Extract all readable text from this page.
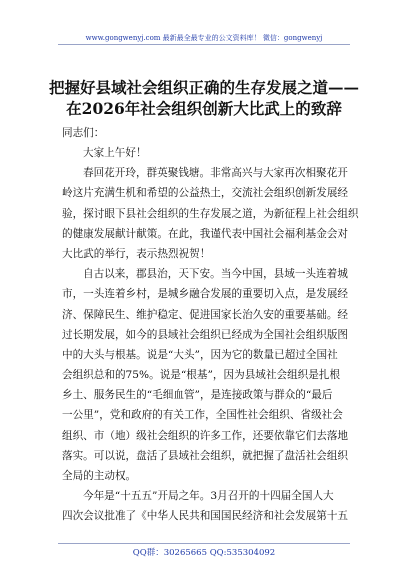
www.gongwenyj.com 最新最全最专业的公文资料库！ 微信：gongwenyj
把握好县域社会组织正确的生存发展之道——
在2026年社会组织创新大比武上的致辞
同志们：
大家上午好！
春回花开玲，群英聚钱塘。非常高兴与大家再次相聚花开
岭这片充满生机和希望的公益热土，交流社会组织创新发展经
验，探讨眼下县社会组织的生存发展之道，为新征程上社会组织
的健康发展献计献策。在此，我谨代表中国社会福利基金会对
大比武的举行，表示热烈祝贺！
自古以来，郡县治，天下安。当今中国，县域一头连着城
市，一头连着乡村，是城乡融合发展的重要切入点，是发展经
济、保障民生、维护稳定、促进国家长治久安的重要基础。经
过长期发展，如今的县域社会组织已经成为全国社会组织版图
中的大头与根基。说是“大头”，因为它的数量已超过全国社
会组织总和的75%。说是“根基”，因为县域社会组织是扎根
乡土、服务民生的“毛细血管”，是连接政策与群众的“最后
一公里”，党和政府的有关工作，全国性社会组织、省级社会
组织、市（地）级社会组织的许多工作，还要依靠它们去落地
落实。可以说，盘活了县域社会组织，就把握了盘活社会组织
全局的主动权。
今年是“十五五”开局之年。3月召开的十四届全国人大
四次会议批准了《中华人民共和国国民经济和社会发展第十五
QQ群：30265665 QQ:535304092
